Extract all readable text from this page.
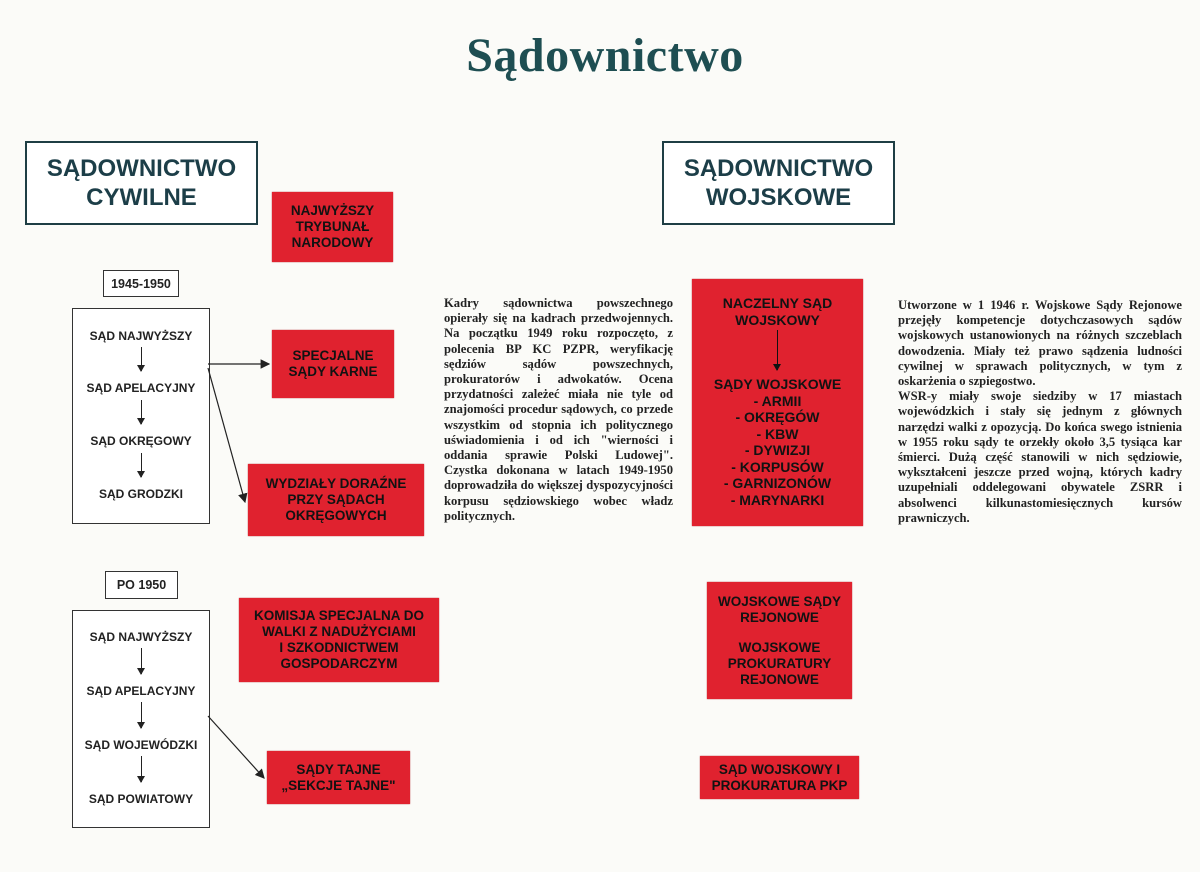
Sądownictwo
SĄDOWNICTWO
CYWILNE
SĄDOWNICTWO
WOJSKOWE
1945-1950
SĄD NAJWYŻSZY
SĄD APELACYJNY
SĄD OKRĘGOWY
SĄD GRODZKI
PO 1950
SĄD NAJWYŻSZY
SĄD APELACYJNY
SĄD WOJEWÓDZKI
SĄD POWIATOWY
NAJWYŻSZY
TRYBUNAŁ
NARODOWY
SPECJALNE
SĄDY KARNE
WYDZIAŁY DORAŹNE
PRZY SĄDACH
OKRĘGOWYCH
KOMISJA SPECJALNA DO
WALKI Z NADUŻYCIAMI
I SZKODNICTWEM
GOSPODARCZYM
SĄDY TAJNE
„SEKCJE TAJNE"
Kadry sądownictwa powszechnego opierały się na kadrach przedwojennych. Na początku 1949 roku rozpoczęto, z polecenia BP KC PZPR, weryfikację sędziów sądów powszechnych, prokuratorów i adwokatów. Ocena przydatności zależeć miała nie tyle od znajomości procedur sądowych, co przede wszystkim od stopnia ich politycznego uświadomienia i od ich "wierności i oddania sprawie Polski Ludowej". Czystka dokonana w latach 1949-1950 doprowadziła do większej dyspozycyjności korpusu sędziowskiego wobec władz politycznych.
NACZELNY SĄD
WOJSKOWY
SĄDY WOJSKOWE
- ARMII
- OKRĘGÓW
- KBW
- DYWIZJI
- KORPUSÓW
- GARNIZONÓW
- MARYNARKI
WOJSKOWE SĄDY
REJONOWE
WOJSKOWE
PROKURATURY
REJONOWE
SĄD WOJSKOWY I
PROKURATURA PKP
Utworzone w 1 1946 r. Wojskowe Sądy Rejonowe przejęły kompetencje dotychczasowych sądów wojskowych ustanowionych na różnych szczeblach dowodzenia. Miały też prawo sądzenia ludności cywilnej w sprawach politycznych, w tym z oskarżenia o szpiegostwo.
WSR-y miały swoje siedziby w 17 miastach wojewódzkich i stały się jednym z głównych narzędzi walki z opozycją. Do końca swego istnienia w 1955 roku sądy te orzekły około 3,5 tysiąca kar śmierci. Dużą część stanowili w nich sędziowie, wykształceni jeszcze przed wojną, których kadry uzupełniali oddelegowani obywatele ZSRR i absolwenci kilkunastomiesięcznych kursów prawniczych.
